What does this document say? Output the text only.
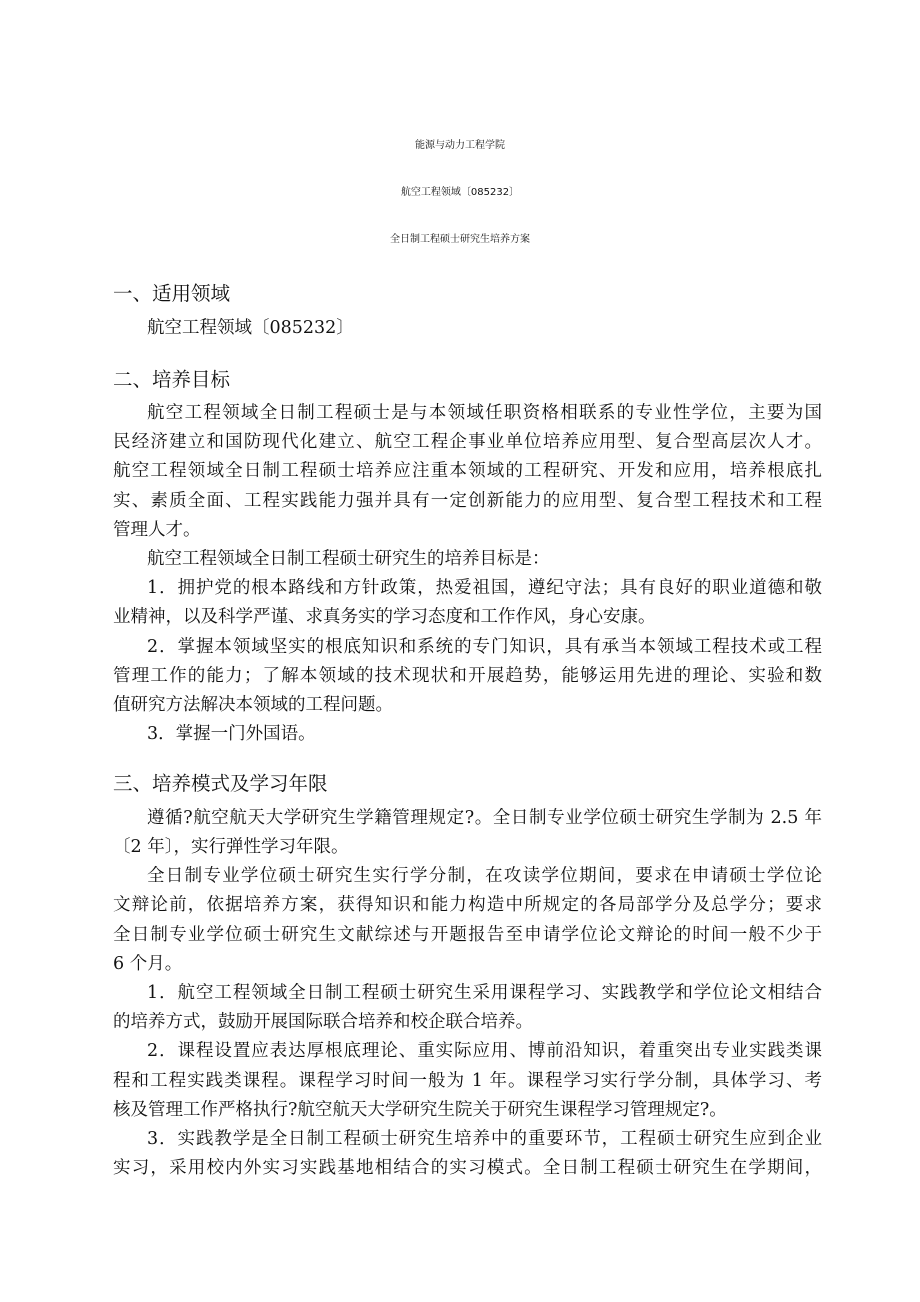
能源与动力工程学院
航空工程领域〔085232〕
全日制工程硕士研究生培养方案
一、适用领域

航空工程领域〔085232〕

二、培养目标

航空工程领域全日制工程硕士是与本领域任职资格相联系的专业性学位，主要为国

民经济建立和国防现代化建立、航空工程企事业单位培养应用型、复合型高层次人才。

航空工程领域全日制工程硕士培养应注重本领域的工程研究、开发和应用，培养根底扎

实、素质全面、工程实践能力强并具有一定创新能力的应用型、复合型工程技术和工程

管理人才。

航空工程领域全日制工程硕士研究生的培养目标是：

1．拥护党的根本路线和方针政策，热爱祖国，遵纪守法；具有良好的职业道德和敬

业精神，以及科学严谨、求真务实的学习态度和工作作风，身心安康。

2．掌握本领域坚实的根底知识和系统的专门知识，具有承当本领域工程技术或工程

管理工作的能力；了解本领域的技术现状和开展趋势，能够运用先进的理论、实验和数

值研究方法解决本领域的工程问题。

3．掌握一门外国语。

三、培养模式及学习年限

遵循?航空航天大学研究生学籍管理规定?。全日制专业学位硕士研究生学制为 2.5 年

〔2 年〕，实行弹性学习年限。

全日制专业学位硕士研究生实行学分制，在攻读学位期间，要求在申请硕士学位论

文辩论前，依据培养方案，获得知识和能力构造中所规定的各局部学分及总学分；要求

全日制专业学位硕士研究生文献综述与开题报告至申请学位论文辩论的时间一般不少于

6 个月。

1．航空工程领域全日制工程硕士研究生采用课程学习、实践教学和学位论文相结合

的培养方式，鼓励开展国际联合培养和校企联合培养。

2．课程设置应表达厚根底理论、重实际应用、博前沿知识，着重突出专业实践类课

程和工程实践类课程。课程学习时间一般为 1 年。课程学习实行学分制，具体学习、考

核及管理工作严格执行?航空航天大学研究生院关于研究生课程学习管理规定?。

3．实践教学是全日制工程硕士研究生培养中的重要环节，工程硕士研究生应到企业

实习，采用校内外实习实践基地相结合的实习模式。全日制工程硕士研究生在学期间，
